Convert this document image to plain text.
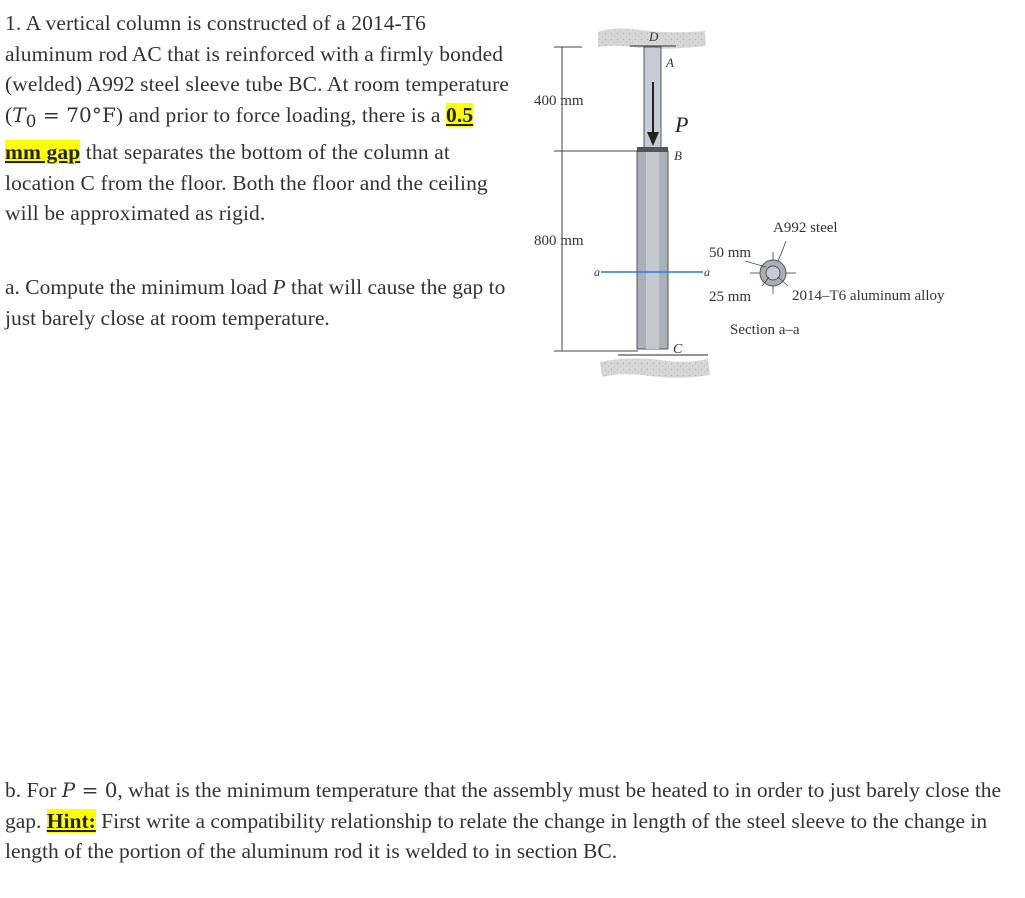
1. A vertical column is constructed of a 2014-T6 aluminum rod AC that is reinforced with a firmly bonded (welded) A992 steel sleeve tube BC. At room temperature $(T_0 = 70^\circ F)$ and prior to force loading, there is a 0.5 mm gap that separates the bottom of the column at location C from the floor. Both the floor and the ceiling will be approximated as rigid.
a. Compute the minimum load P that will cause the gap to just barely close at room temperature.
b. For P = 0, what is the minimum temperature that the assembly must be heated to in order to just barely close the gap. Hint: First write a compatibility relationship to relate the change in length of the steel sleeve to the change in length of the portion of the aluminum rod it is welded to in section BC.
D
A
P
B
C
a	a
400 mm
800 mm
A992 steel
50 mm
25 mm	2014–T6 aluminum alloy
Section a–a
